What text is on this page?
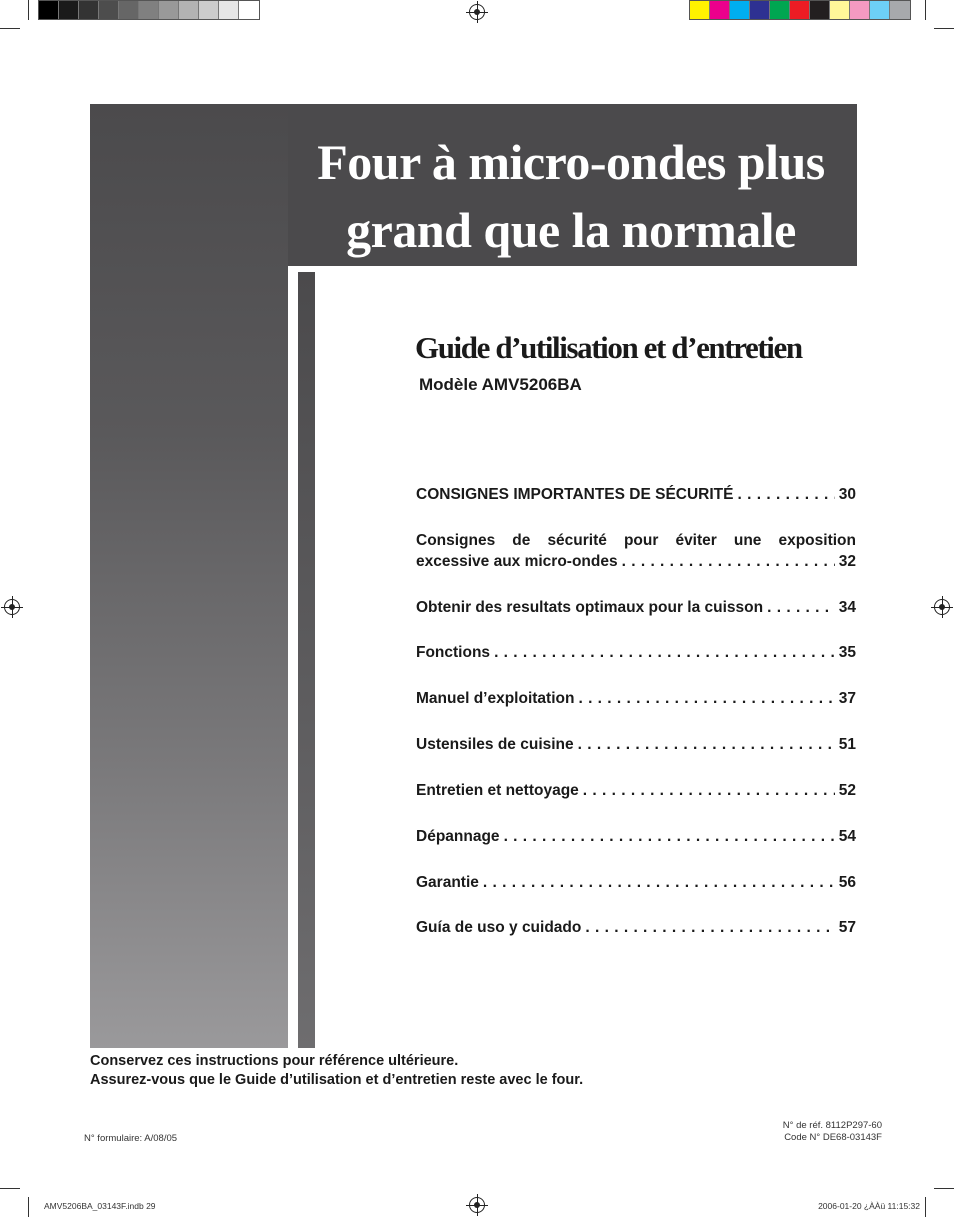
Four à micro-ondes plus
grand que la normale
Guide d’utilisation et d’entretien
Modèle AMV5206BA
CONSIGNES IMPORTANTES DE SÉCURITÉ . . .	30
Consignes de sécurité pour éviter une exposition
excessive aux micro-ondes . . .	32
Obtenir des resultats optimaux pour la cuisson . . .	34
Fonctions . . .	35
Manuel d’exploitation . . .	37
Ustensiles de cuisine . . .	51
Entretien et nettoyage . . .	52
Dépannage . . .	54
Garantie . . .	56
Guía de uso y cuidado . . .	57
Conservez ces instructions pour référence ultérieure.
Assurez-vous que le Guide d’utilisation et d’entretien reste avec le four.
N° formulaire: A/08/05
N° de réf. 8112P297-60
Code N° DE68-03143F
AMV5206BA_03143F.indb 29	2006-01-20 ¿ÀÀü 11:15:32
